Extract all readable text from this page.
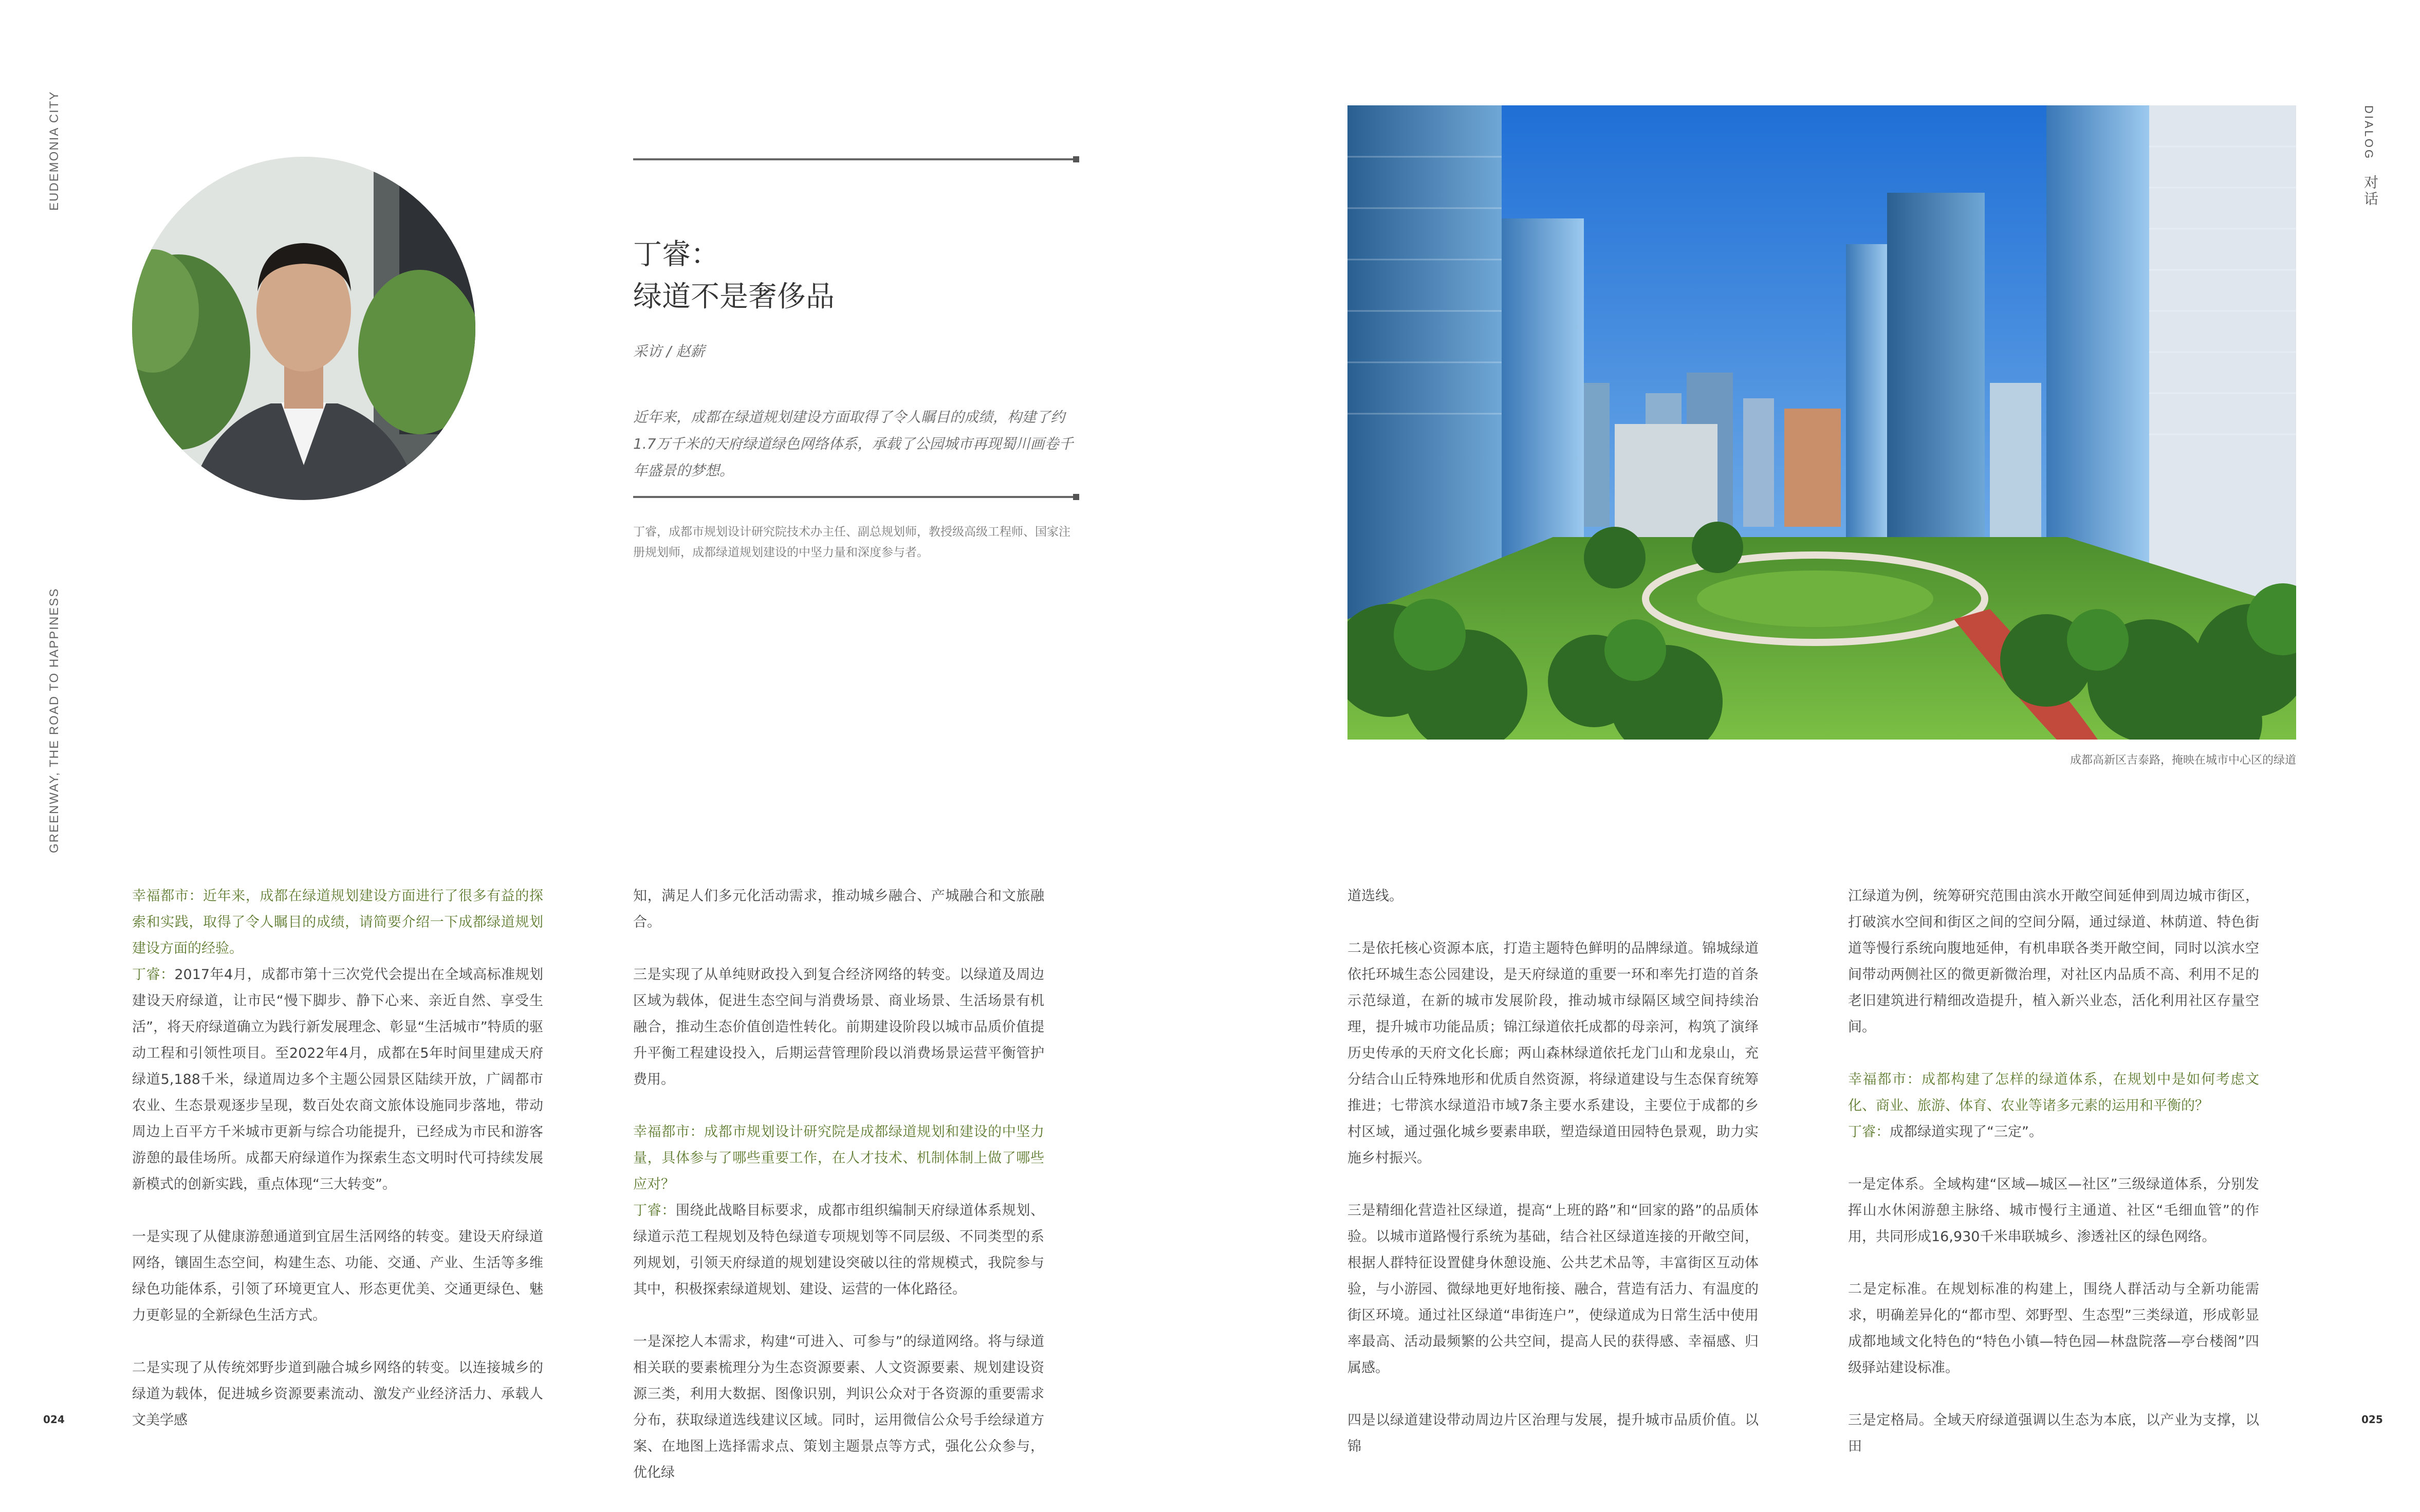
EUDEMONIA CITY
GREENWAY, THE ROAD TO HAPPINESS
DIALOG
对话
丁睿：
绿道不是奢侈品
采访 / 赵薪
近年来，成都在绿道规划建设方面取得了令人瞩目的成绩，构建了约1.7万千米的天府绿道绿色网络体系，承载了公园城市再现蜀川画卷千年盛景的梦想。
丁睿，成都市规划设计研究院技术办主任、副总规划师，教授级高级工程师、国家注册规划师，成都绿道规划建设的中坚力量和深度参与者。
成都高新区吉泰路，掩映在城市中心区的绿道

幸福都市：近年来，成都在绿道规划建设方面进行了很多有益的探索和实践，取得了令人瞩目的成绩，请简要介绍一下成都绿道规划建设方面的经验。

丁睿：2017年4月，成都市第十三次党代会提出在全域高标准规划建设天府绿道，让市民“慢下脚步、静下心来、亲近自然、享受生活”，将天府绿道确立为践行新发展理念、彰显“生活城市”特质的驱动工程和引领性项目。至2022年4月，成都在5年时间里建成天府绿道5,188千米，绿道周边多个主题公园景区陆续开放，广阔都市农业、生态景观逐步呈现，数百处农商文旅体设施同步落地，带动周边上百平方千米城市更新与综合功能提升，已经成为市民和游客游憩的最佳场所。成都天府绿道作为探索生态文明时代可持续发展新模式的创新实践，重点体现“三大转变”。

一是实现了从健康游憩通道到宜居生活网络的转变。建设天府绿道网络，镶固生态空间，构建生态、功能、交通、产业、生活等多维绿色功能体系，引领了环境更宜人、形态更优美、交通更绿色、魅力更彰显的全新绿色生活方式。

二是实现了从传统郊野步道到融合城乡网络的转变。以连接城乡的绿道为载体，促进城乡资源要素流动、激发产业经济活力、承载人文美学感

知，满足人们多元化活动需求，推动城乡融合、产城融合和文旅融合。

三是实现了从单纯财政投入到复合经济网络的转变。以绿道及周边区域为载体，促进生态空间与消费场景、商业场景、生活场景有机融合，推动生态价值创造性转化。前期建设阶段以城市品质价值提升平衡工程建设投入，后期运营管理阶段以消费场景运营平衡管护费用。

幸福都市：成都市规划设计研究院是成都绿道规划和建设的中坚力量，具体参与了哪些重要工作，在人才技术、机制体制上做了哪些应对？

丁睿：围绕此战略目标要求，成都市组织编制天府绿道体系规划、绿道示范工程规划及特色绿道专项规划等不同层级、不同类型的系列规划，引领天府绿道的规划建设突破以往的常规模式，我院参与其中，积极探索绿道规划、建设、运营的一体化路径。

一是深挖人本需求，构建“可进入、可参与”的绿道网络。将与绿道相关联的要素梳理分为生态资源要素、人文资源要素、规划建设资源三类，利用大数据、图像识别，判识公众对于各资源的重要需求分布，获取绿道选线建议区域。同时，运用微信公众号手绘绿道方案、在地图上选择需求点、策划主题景点等方式，强化公众参与，优化绿

道选线。

二是依托核心资源本底，打造主题特色鲜明的品牌绿道。锦城绿道依托环城生态公园建设，是天府绿道的重要一环和率先打造的首条示范绿道，在新的城市发展阶段，推动城市绿隔区域空间持续治理，提升城市功能品质；锦江绿道依托成都的母亲河，构筑了演绎历史传承的天府文化长廊；两山森林绿道依托龙门山和龙泉山，充分结合山丘特殊地形和优质自然资源，将绿道建设与生态保育统筹推进；七带滨水绿道沿市域7条主要水系建设，主要位于成都的乡村区域，通过强化城乡要素串联，塑造绿道田园特色景观，助力实施乡村振兴。

三是精细化营造社区绿道，提高“上班的路”和“回家的路”的品质体验。以城市道路慢行系统为基础，结合社区绿道连接的开敞空间，根据人群特征设置健身休憩设施、公共艺术品等，丰富街区互动体验，与小游园、微绿地更好地衔接、融合，营造有活力、有温度的街区环境。通过社区绿道“串街连户”，使绿道成为日常生活中使用率最高、活动最频繁的公共空间，提高人民的获得感、幸福感、归属感。

四是以绿道建设带动周边片区治理与发展，提升城市品质价值。以锦

江绿道为例，统筹研究范围由滨水开敞空间延伸到周边城市街区，打破滨水空间和街区之间的空间分隔，通过绿道、林荫道、特色街道等慢行系统向腹地延伸，有机串联各类开敞空间，同时以滨水空间带动两侧社区的微更新微治理，对社区内品质不高、利用不足的老旧建筑进行精细改造提升，植入新兴业态，活化利用社区存量空间。

幸福都市：成都构建了怎样的绿道体系，在规划中是如何考虑文化、商业、旅游、体育、农业等诸多元素的运用和平衡的？

丁睿：成都绿道实现了“三定”。

一是定体系。全域构建“区域—城区—社区”三级绿道体系，分别发挥山水休闲游憩主脉络、城市慢行主通道、社区“毛细血管”的作用，共同形成16,930千米串联城乡、渗透社区的绿色网络。

二是定标准。在规划标准的构建上，围绕人群活动与全新功能需求，明确差异化的“都市型、郊野型、生态型”三类绿道，形成彰显成都地域文化特色的“特色小镇—特色园—林盘院落—亭台楼阁”四级驿站建设标准。

三是定格局。全域天府绿道强调以生态为本底，以产业为支撑，以田

024	025
